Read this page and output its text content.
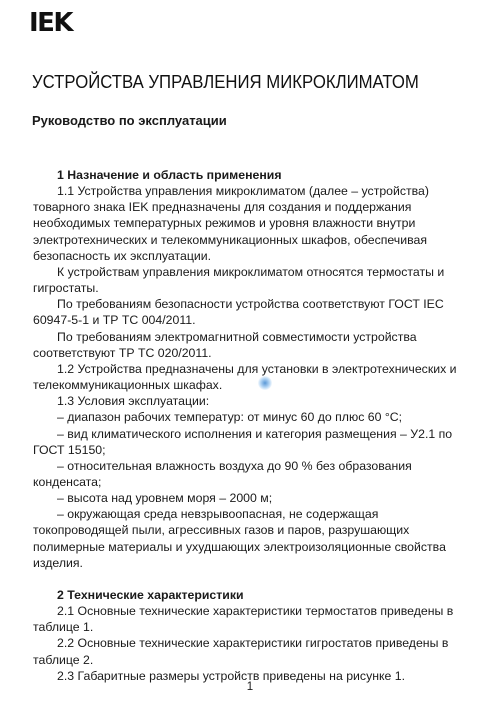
IEK
УСТРОЙСТВА УПРАВЛЕНИЯ МИКРОКЛИМАТОМ
Руководство по эксплуатации

1 Назначение и область применения

1.1 Устройства управления микроклиматом (далее – устройства) товарного знака IEK предназначены для создания и поддержания необходимых температурных режимов и уровня влажности внутри электротехнических и телекоммуникационных шкафов, обеспечивая безопасность их эксплуатации.

К устройствам управления микроклиматом относятся термостаты и гигростаты.

По требованиям безопасности устройства соответствуют ГОСТ IEC 60947-5-1 и ТР ТС 004/2011.

По требованиям электромагнитной совместимости устройства соответствуют ТР ТС 020/2011.

1.2 Устройства предназначены для установки в электротехнических и телекоммуникационных шкафах.

1.3 Условия эксплуатации:

– диапазон рабочих температур: от минус 60 до плюс 60 °C;

– вид климатического исполнения и категория размещения – У2.1 по ГОСТ 15150;

– относительная влажность воздуха до 90 % без образования конденсата;

– высота над уровнем моря – 2000 м;

– окружающая среда невзрывоопасная, не содержащая токопроводящей пыли, агрессивных газов и паров, разрушающих полимерные материалы и ухудшающих электроизоляционные свойства изделия.

2 Технические характеристики

2.1 Основные технические характеристики термостатов приведены в таблице 1.

2.2 Основные технические характеристики гигростатов приведены в таблице 2.

2.3 Габаритные размеры устройств приведены на рисунке 1.

1
